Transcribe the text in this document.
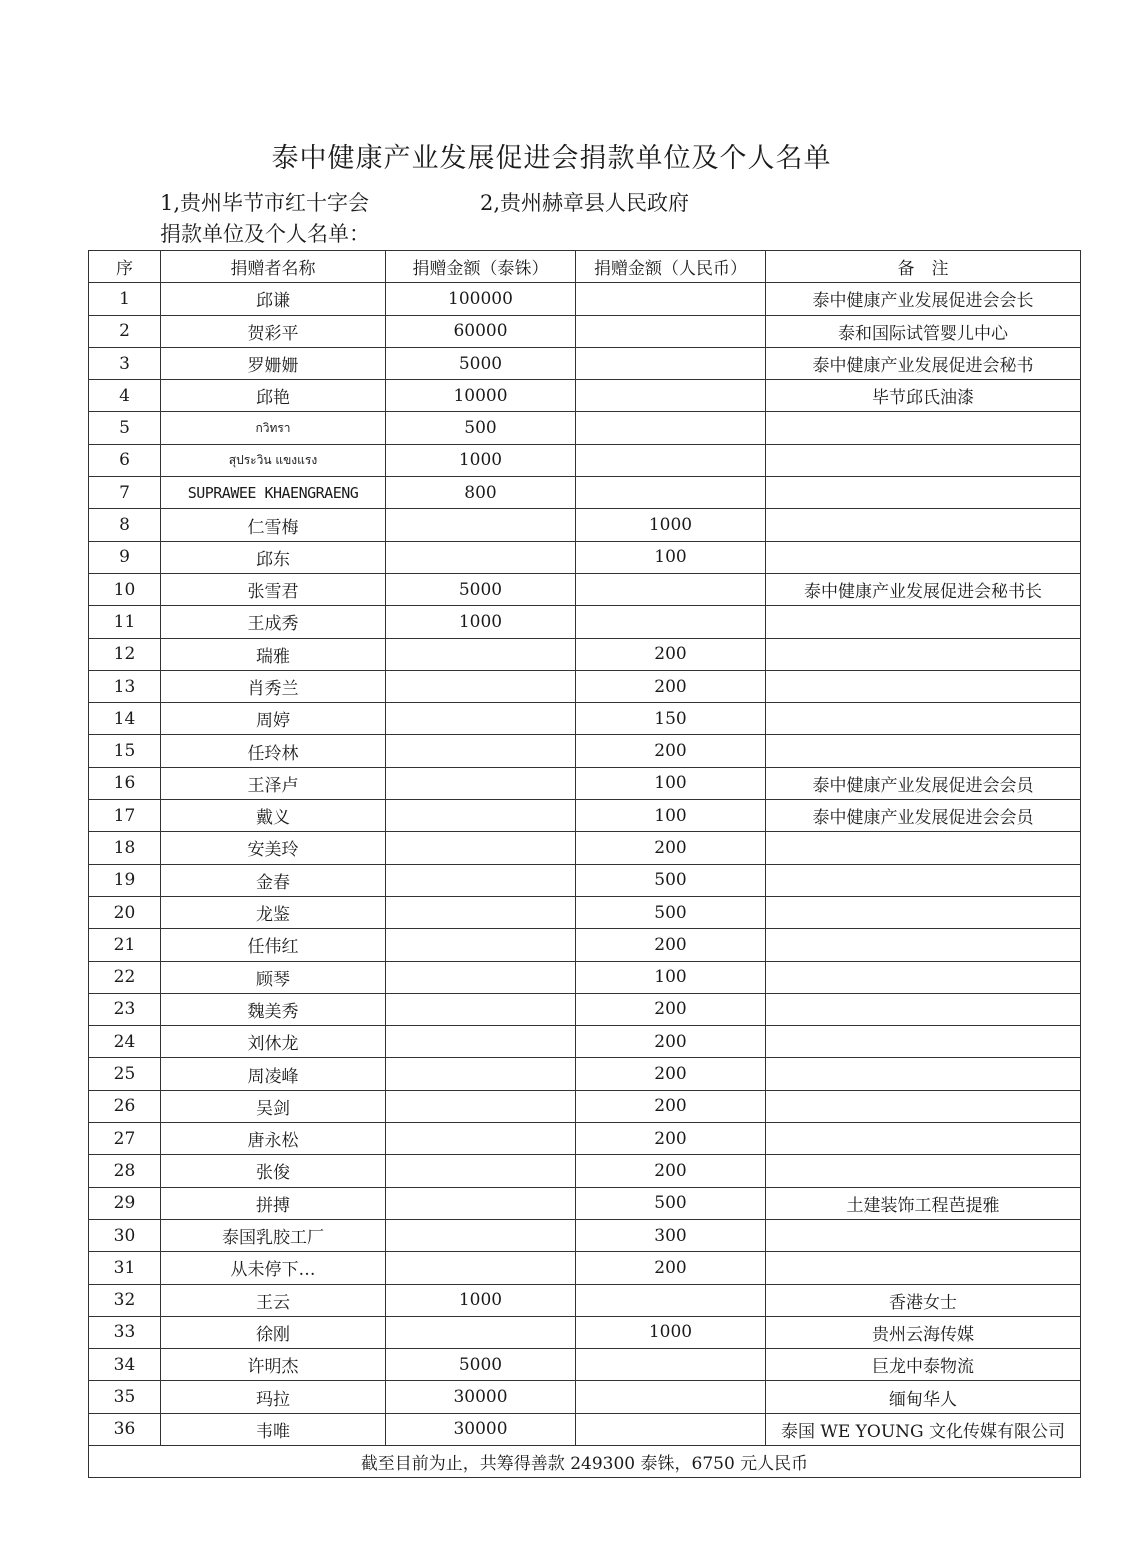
泰中健康产业发展促进会捐款单位及个人名单
1,贵州毕节市红十字会	2,贵州赫章县人民政府
捐款单位及个人名单：
序	捐赠者名称	捐赠金额（泰铢）	捐赠金额（人民币）	备　注
1	邱谦	100000		泰中健康产业发展促进会会长
2	贺彩平	60000		泰和国际试管婴儿中心
3	罗姗姗	5000		泰中健康产业发展促进会秘书
4	邱艳	10000		毕节邱氏油漆
5	กวิทรา	500		
6	สุประวิน แขงแรง	1000		
7	SUPRAWEE KHAENGRAENG	800		
8	仁雪梅		1000	
9	邱东		100	
10	张雪君	5000		泰中健康产业发展促进会秘书长
11	王成秀	1000		
12	瑞雅		200	
13	肖秀兰		200	
14	周婷		150	
15	任玲林		200	
16	王泽卢		100	泰中健康产业发展促进会会员
17	戴义		100	泰中健康产业发展促进会会员
18	安美玲		200	
19	金春		500	
20	龙鉴		500	
21	任伟红		200	
22	顾琴		100	
23	魏美秀		200	
24	刘休龙		200	
25	周凌峰		200	
26	吴剑		200	
27	唐永松		200	
28	张俊		200	
29	拼搏		500	土建装饰工程芭提雅
30	泰国乳胶工厂		300	
31	从未停下…		200	
32	王云	1000		香港女士
33	徐刚		1000	贵州云海传媒
34	许明杰	5000		巨龙中泰物流
35	玛拉	30000		缅甸华人
36	韦唯	30000		泰国 WE YOUNG 文化传媒有限公司
截至目前为止，共筹得善款 249300 泰铢，6750 元人民币				
